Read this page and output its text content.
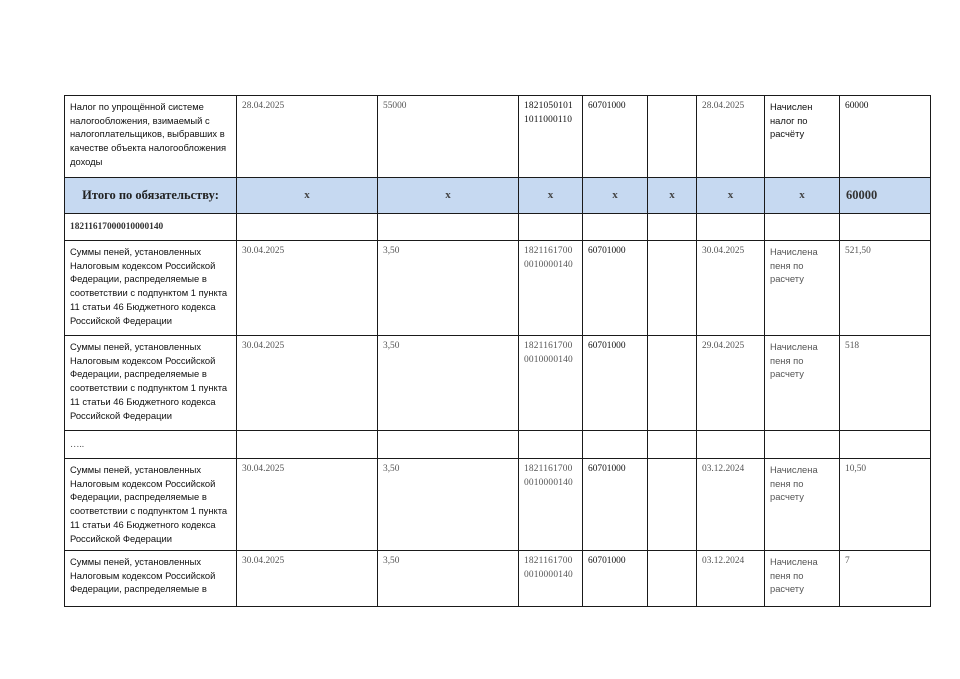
Налог по упрощённой системе налогообложения, взимаемый с налогоплательщиков, выбравших в качестве объекта налогообложения доходы	28.04.2025	55000	18210501011011000110	60701000		28.04.2025	Начислен налог по расчёту	60000
Итого по обязательству:	х	х	х	х	х	х	х	60000
18211617000010000140								
Суммы пеней, установленных Налоговым кодексом Российской Федерации, распределяемые в соответствии с подпунктом 1 пункта 11 статьи 46 Бюджетного кодекса Российской Федерации	30.04.2025	3,50	18211617000010000140	60701000		30.04.2025	Начислена пеня по расчету	521,50
Суммы пеней, установленных Налоговым кодексом Российской Федерации, распределяемые в соответствии с подпунктом 1 пункта 11 статьи 46 Бюджетного кодекса Российской Федерации	30.04.2025	3,50	18211617000010000140	60701000		29.04.2025	Начислена пеня по расчету	518
…..								
Суммы пеней, установленных Налоговым кодексом Российской Федерации, распределяемые в соответствии с подпунктом 1 пункта 11 статьи 46 Бюджетного кодекса Российской Федерации	30.04.2025	3,50	18211617000010000140	60701000		03.12.2024	Начислена пеня по расчету	10,50
Суммы пеней, установленных Налоговым кодексом Российской Федерации, распределяемые в	30.04.2025	3,50	18211617000010000140	60701000		03.12.2024	Начислена пеня по расчету	7
